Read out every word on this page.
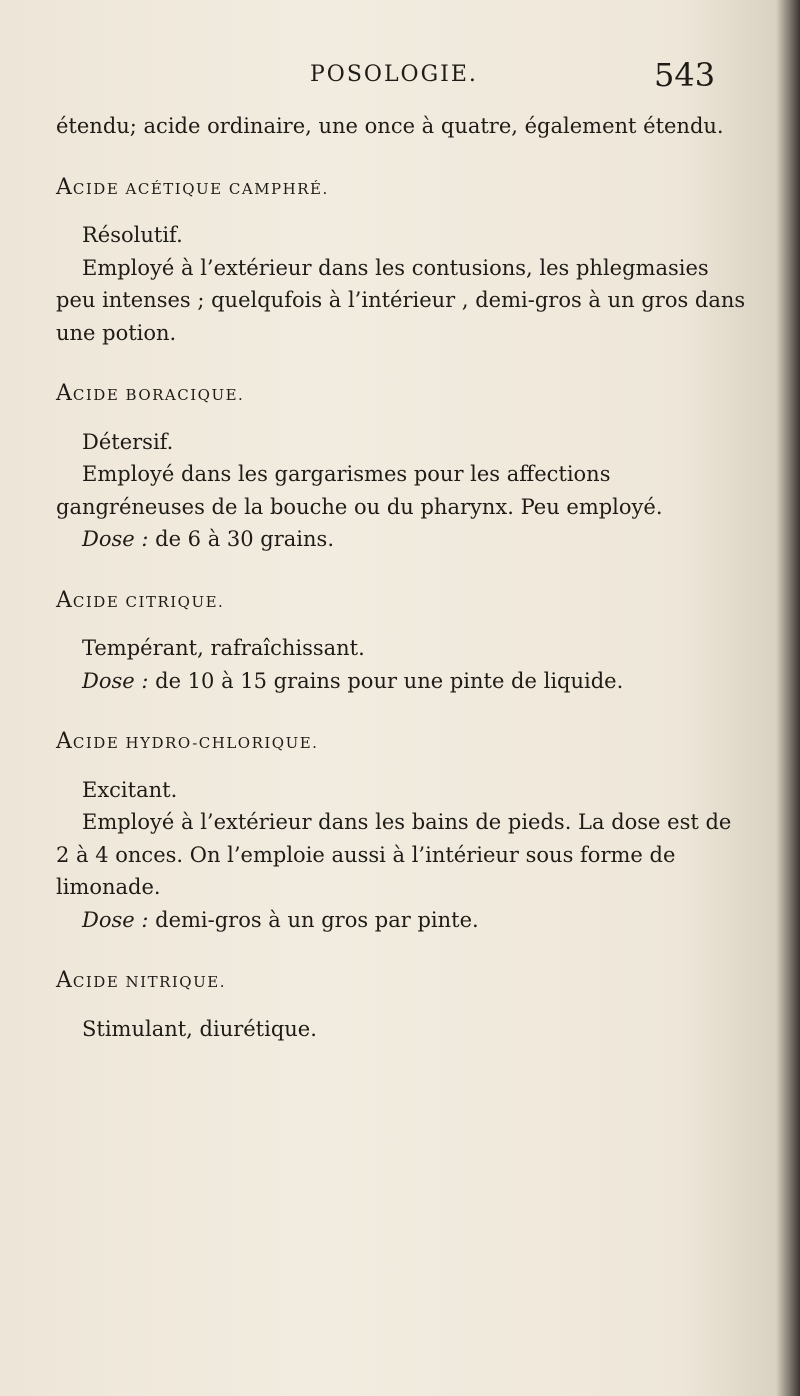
POSOLOGIE.	543

étendu; acide ordinaire, une once à quatre, également étendu.

ACIDE ACÉTIQUE CAMPHRÉ.

Résolutif.

Employé à l’extérieur dans les contusions, les phlegmasies peu intenses ; quelqufois à l’intérieur , demi-gros à un gros dans une potion.

ACIDE BORACIQUE.

Détersif.

Employé dans les gargarismes pour les affections gangréneuses de la bouche ou du pharynx. Peu employé.

Dose : de 6 à 30 grains.

ACIDE CITRIQUE.

Tempérant, rafraîchissant.

Dose : de 10 à 15 grains pour une pinte de liquide.

ACIDE HYDRO-CHLORIQUE.

Excitant.

Employé à l’extérieur dans les bains de pieds. La dose est de 2 à 4 onces. On l’emploie aussi à l’intérieur sous forme de limonade.

Dose : demi-gros à un gros par pinte.

ACIDE NITRIQUE.

Stimulant, diurétique.
